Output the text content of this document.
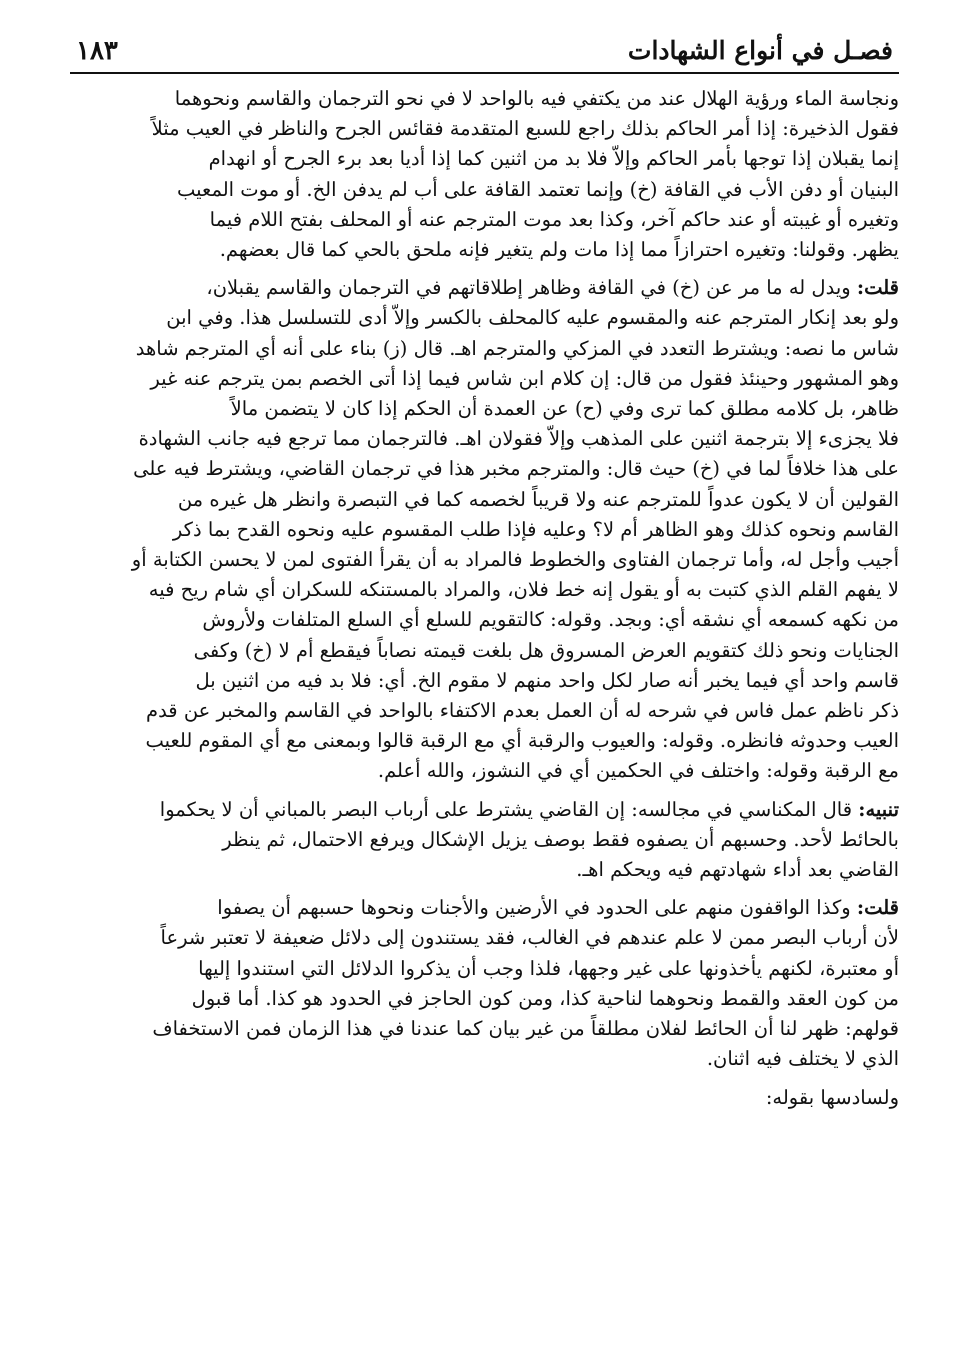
فصـل في أنواع الشهادات
١٨٣

ونجاسة الماء ورؤية الهلال عند من يكتفي فيه بالواحد لا في نحو الترجمان والقاسم ونحوهما
فقول الذخيرة: إذا أمر الحاكم بذلك راجع للسبع المتقدمة فقائس الجرح والناظر في العيب مثلاً
إنما يقبلان إذا توجها بأمر الحاكم وإلاّ فلا بد من اثنين كما إذا أديا بعد برء الجرح أو انهدام
البنيان أو دفن الأب في القافة (خ) وإنما تعتمد القافة على أب لم يدفن الخ. أو موت المعيب
وتغيره أو غيبته أو عند حاكم آخر، وكذا بعد موت المترجم عنه أو المحلف بفتح اللام فيما
يظهر. وقولنا: وتغيره احترازاً مما إذا مات ولم يتغير فإنه ملحق بالحي كما قال بعضهم.

قلت: ويدل له ما مر عن (خ) في القافة وظاهر إطلاقاتهم في الترجمان والقاسم يقبلان،
ولو بعد إنكار المترجم عنه والمقسوم عليه كالمحلف بالكسر وإلاّ أدى للتسلسل هذا. وفي ابن
شاس ما نصه: ويشترط التعدد في المزكي والمترجم اهـ. قال (ز) بناء على أنه أي المترجم شاهد
وهو المشهور وحينئذ فقول من قال: إن كلام ابن شاس فيما إذا أتى الخصم بمن يترجم عنه غير
ظاهر، بل كلامه مطلق كما ترى وفي (ح) عن العمدة أن الحكم إذا كان لا يتضمن مالاً
فلا يجزىء إلا بترجمة اثنين على المذهب وإلاّ فقولان اهـ. فالترجمان مما ترجع فيه جانب الشهادة
على هذا خلافاً لما في (خ) حيث قال: والمترجم مخبر هذا في ترجمان القاضي، ويشترط فيه على
القولين أن لا يكون عدواً للمترجم عنه ولا قريباً لخصمه كما في التبصرة وانظر هل غيره من
القاسم ونحوه كذلك وهو الظاهر أم لا؟ وعليه فإذا طلب المقسوم عليه ونحوه القدح بما ذكر
أجيب وأجل له، وأما ترجمان الفتاوى والخطوط فالمراد به أن يقرأ الفتوى لمن لا يحسن الكتابة أو
لا يفهم القلم الذي كتبت به أو يقول إنه خط فلان، والمراد بالمستنكه للسكران أي شام ريح فيه
من نكهه كسمعه أي نشقه أي: وبجد. وقوله: كالتقويم للسلع أي السلع المتلفات ولأروش
الجنايات ونحو ذلك كتقويم العرض المسروق هل بلغت قيمته نصاباً فيقطع أم لا (خ) وكفى
قاسم واحد أي فيما يخبر أنه صار لكل واحد منهم لا مقوم الخ. أي: فلا بد فيه من اثنين بل
ذكر ناظم عمل فاس في شرحه له أن العمل بعدم الاكتفاء بالواحد في القاسم والمخبر عن قدم
العيب وحدوثه فانظره. وقوله: والعيوب والرقبة أي مع الرقبة قالوا وبمعنى مع أي المقوم للعيب
مع الرقبة وقوله: واختلف في الحكمين أي في النشوز، والله أعلم.

تنبيه: قال المكناسي في مجالسه: إن القاضي يشترط على أرباب البصر بالمباني أن لا يحكموا
بالحائط لأحد. وحسبهم أن يصفوه فقط بوصف يزيل الإشكال ويرفع الاحتمال، ثم ينظر
القاضي بعد أداء شهادتهم فيه ويحكم اهـ.

قلت: وكذا الواقفون منهم على الحدود في الأرضين والأجنات ونحوها حسبهم أن يصفوا
لأن أرباب البصر ممن لا علم عندهم في الغالب، فقد يستندون إلى دلائل ضعيفة لا تعتبر شرعاً
أو معتبرة، لكنهم يأخذونها على غير وجهها، فلذا وجب أن يذكروا الدلائل التي استندوا إليها
من كون العقد والقمط ونحوهما لناحية كذا، ومن كون الحاجز في الحدود هو كذا. أما قبول
قولهم: ظهر لنا أن الحائط لفلان مطلقاً من غير بيان كما عندنا في هذا الزمان فمن الاستخفاف
الذي لا يختلف فيه اثنان.

ولسادسها بقوله:
